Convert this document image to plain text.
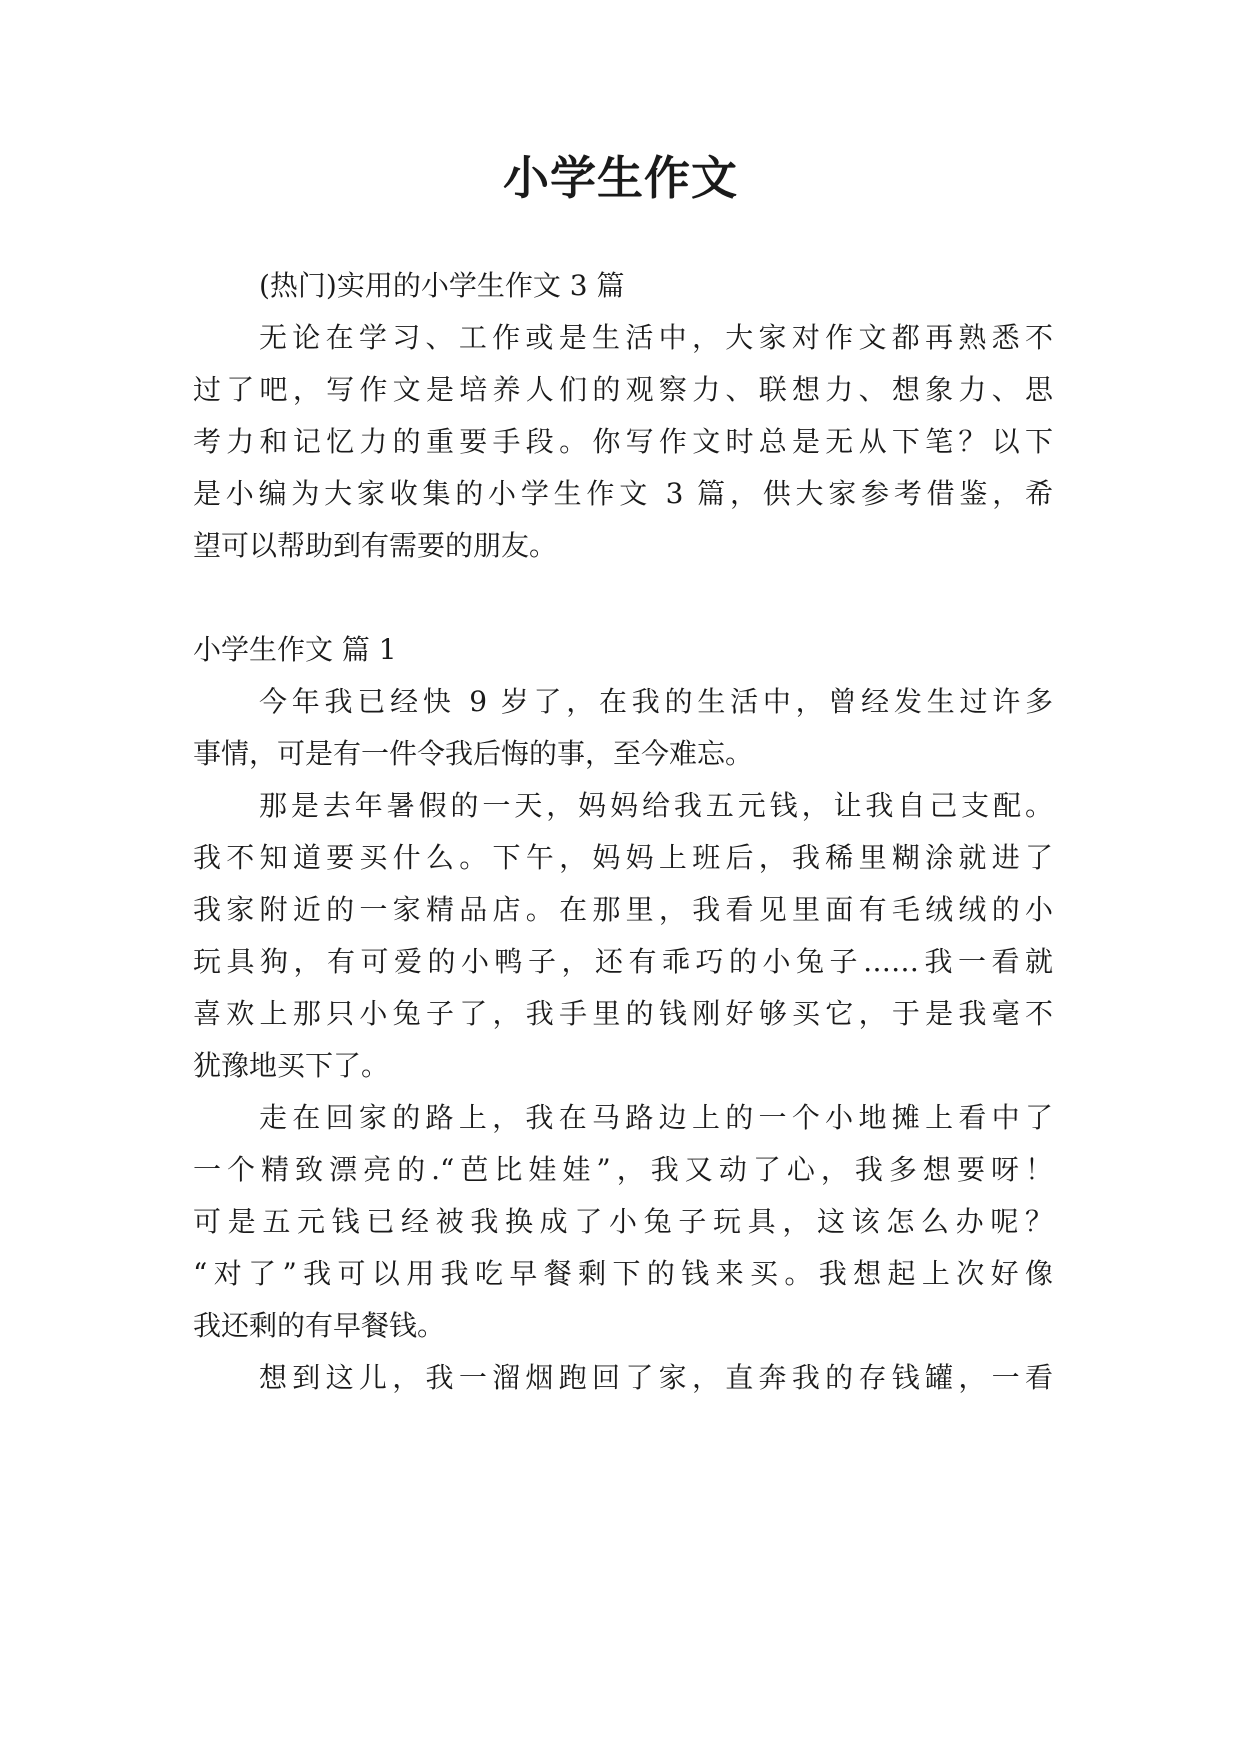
小学生作文
(热门)实用的小学生作文 3 篇
无论在学习、工作或是生活中，大家对作文都再熟悉不
过了吧，写作文是培养人们的观察力、联想力、想象力、思
考力和记忆力的重要手段。你写作文时总是无从下笔？以下
是小编为大家收集的小学生作文 3 篇，供大家参考借鉴，希
望可以帮助到有需要的朋友。
小学生作文 篇 1
今年我已经快 9 岁了，在我的生活中，曾经发生过许多
事情，可是有一件令我后悔的事，至今难忘。
那是去年暑假的一天，妈妈给我五元钱，让我自己支配。
我不知道要买什么。下午，妈妈上班后，我稀里糊涂就进了
我家附近的一家精品店。在那里，我看见里面有毛绒绒的小
玩具狗，有可爱的小鸭子，还有乖巧的小兔子……我一看就
喜欢上那只小兔子了，我手里的钱刚好够买它，于是我毫不
犹豫地买下了。
走在回家的路上，我在马路边上的一个小地摊上看中了
一个精致漂亮的.“芭比娃娃”，我又动了心，我多想要呀！
可是五元钱已经被我换成了小兔子玩具，这该怎么办呢？
“对了”我可以用我吃早餐剩下的钱来买。我想起上次好像
我还剩的有早餐钱。
想到这儿，我一溜烟跑回了家，直奔我的存钱罐，一看
